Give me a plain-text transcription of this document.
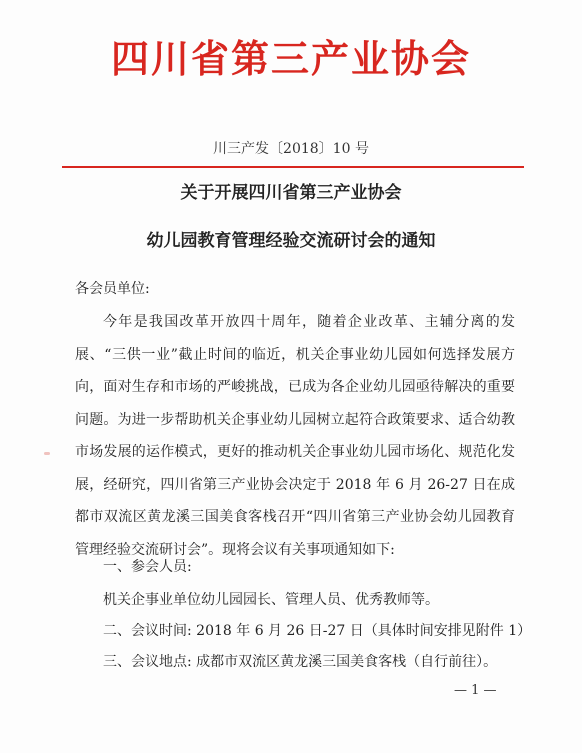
四川省第三产业协会
川三产发〔2018〕10 号
关于开展四川省第三产业协会
幼儿园教育管理经验交流研讨会的通知
各会员单位:
今年是我国改革开放四十周年，随着企业改革、主辅分离的发展、“三供一业”截止时间的临近，机关企事业幼儿园如何选择发展方向，面对生存和市场的严峻挑战，已成为各企业幼儿园亟待解决的重要问题。为进一步帮助机关企事业幼儿园树立起符合政策要求、适合幼教市场发展的运作模式，更好的推动机关企事业幼儿园市场化、规范化发展，经研究，四川省第三产业协会决定于 2018 年 6 月 26-27 日在成都市双流区黄龙溪三国美食客栈召开“四川省第三产业协会幼儿园教育管理经验交流研讨会”。现将会议有关事项通知如下:
一、参会人员:
机关企事业单位幼儿园园长、管理人员、优秀教师等。
二、会议时间: 2018 年 6 月 26 日-27 日（具体时间安排见附件 1）
三、会议地点: 成都市双流区黄龙溪三国美食客栈（自行前往）。
— 1 —
